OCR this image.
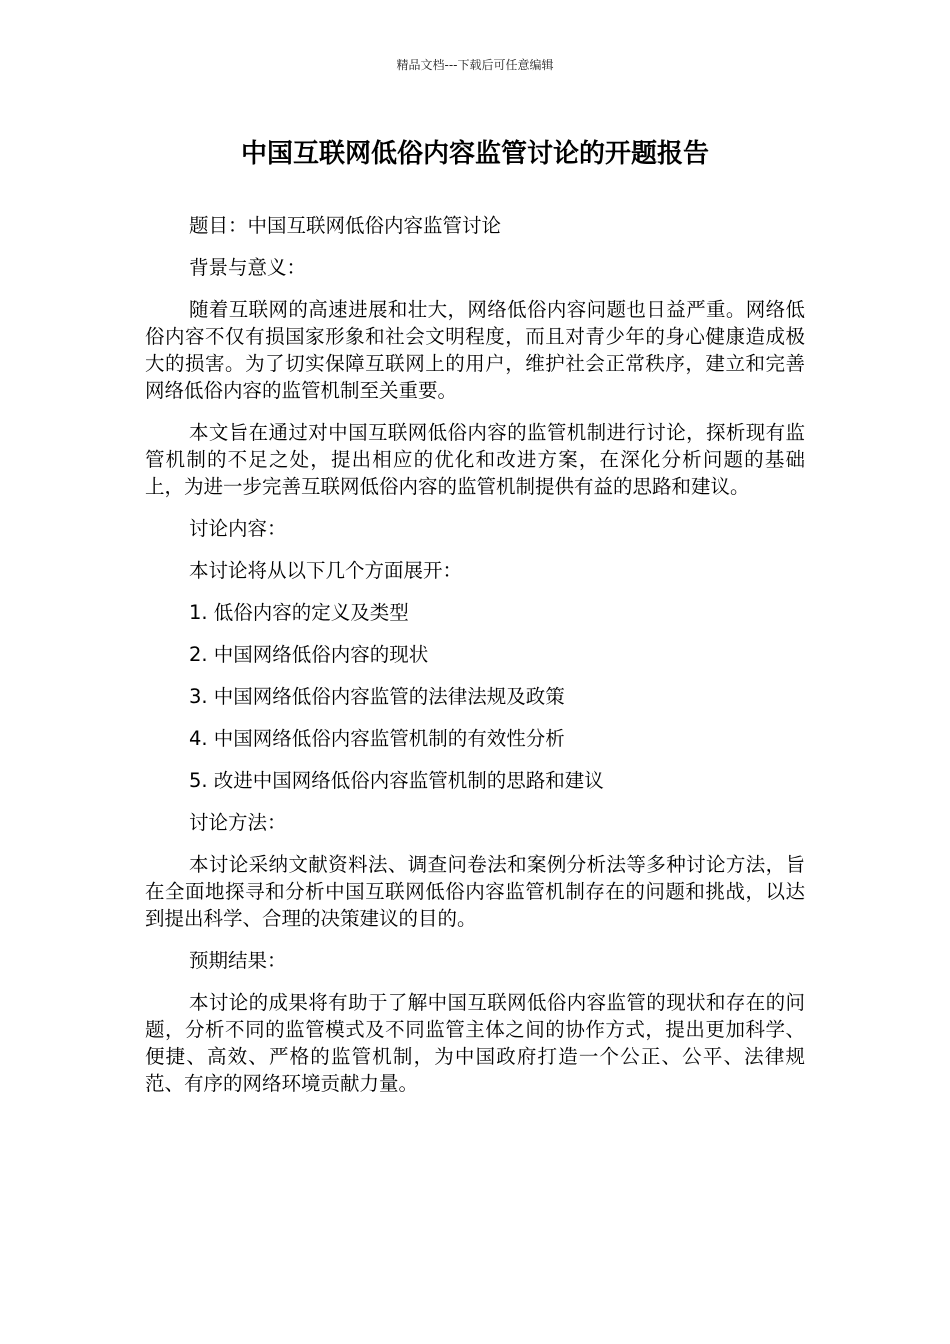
精品文档---下载后可任意编辑
中国互联网低俗内容监管讨论的开题报告

题目：中国互联网低俗内容监管讨论

背景与意义：

随着互联网的高速进展和壮大，网络低俗内容问题也日益严重。网络低俗内容不仅有损国家形象和社会文明程度，而且对青少年的身心健康造成极大的损害。为了切实保障互联网上的用户，维护社会正常秩序，建立和完善网络低俗内容的监管机制至关重要。

本文旨在通过对中国互联网低俗内容的监管机制进行讨论，探析现有监管机制的不足之处，提出相应的优化和改进方案，在深化分析问题的基础上，为进一步完善互联网低俗内容的监管机制提供有益的思路和建议。

讨论内容：

本讨论将从以下几个方面展开：

1. 低俗内容的定义及类型
2. 中国网络低俗内容的现状
3. 中国网络低俗内容监管的法律法规及政策
4. 中国网络低俗内容监管机制的有效性分析
5. 改进中国网络低俗内容监管机制的思路和建议

讨论方法：

本讨论采纳文献资料法、调查问卷法和案例分析法等多种讨论方法，旨在全面地探寻和分析中国互联网低俗内容监管机制存在的问题和挑战，以达到提出科学、合理的决策建议的目的。

预期结果：

本讨论的成果将有助于了解中国互联网低俗内容监管的现状和存在的问题，分析不同的监管模式及不同监管主体之间的协作方式，提出更加科学、便捷、高效、严格的监管机制，为中国政府打造一个公正、公平、法律规范、有序的网络环境贡献力量。
